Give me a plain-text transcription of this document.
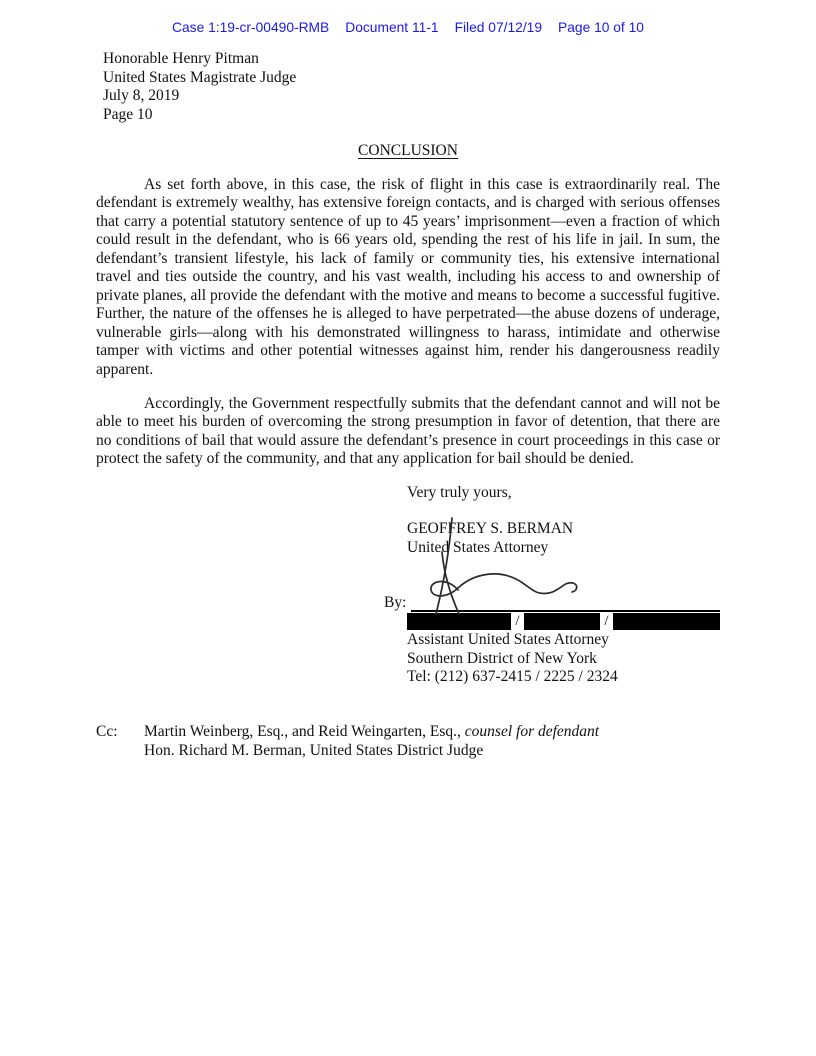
Case 1:19-cr-00490-RMB Document 11-1 Filed 07/12/19 Page 10 of 10
Honorable Henry Pitman
United States Magistrate Judge
July 8, 2019
Page 10
CONCLUSION

As set forth above, in this case, the risk of flight in this case is extraordinarily real. The defendant is extremely wealthy, has extensive foreign contacts, and is charged with serious offenses that carry a potential statutory sentence of up to 45 years’ imprisonment—even a fraction of which could result in the defendant, who is 66 years old, spending the rest of his life in jail. In sum, the defendant’s transient lifestyle, his lack of family or community ties, his extensive international travel and ties outside the country, and his vast wealth, including his access to and ownership of private planes, all provide the defendant with the motive and means to become a successful fugitive. Further, the nature of the offenses he is alleged to have perpetrated—the abuse dozens of underage, vulnerable girls—along with his demonstrated willingness to harass, intimidate and otherwise tamper with victims and other potential witnesses against him, render his dangerousness readily apparent.

Accordingly, the Government respectfully submits that the defendant cannot and will not be able to meet his burden of overcoming the strong presumption in favor of detention, that there are no conditions of bail that would assure the defendant’s presence in court proceedings in this case or protect the safety of the community, and that any application for bail should be denied.

Very truly yours,
GEOFFREY S. BERMAN
United States Attorney
By:
/	/
Assistant United States Attorney
Southern District of New York
Tel: (212) 637-2415 / 2225 / 2324
Cc:	Martin Weinberg, Esq., and Reid Weingarten, Esq., counsel for defendant
Hon. Richard M. Berman, United States District Judge
